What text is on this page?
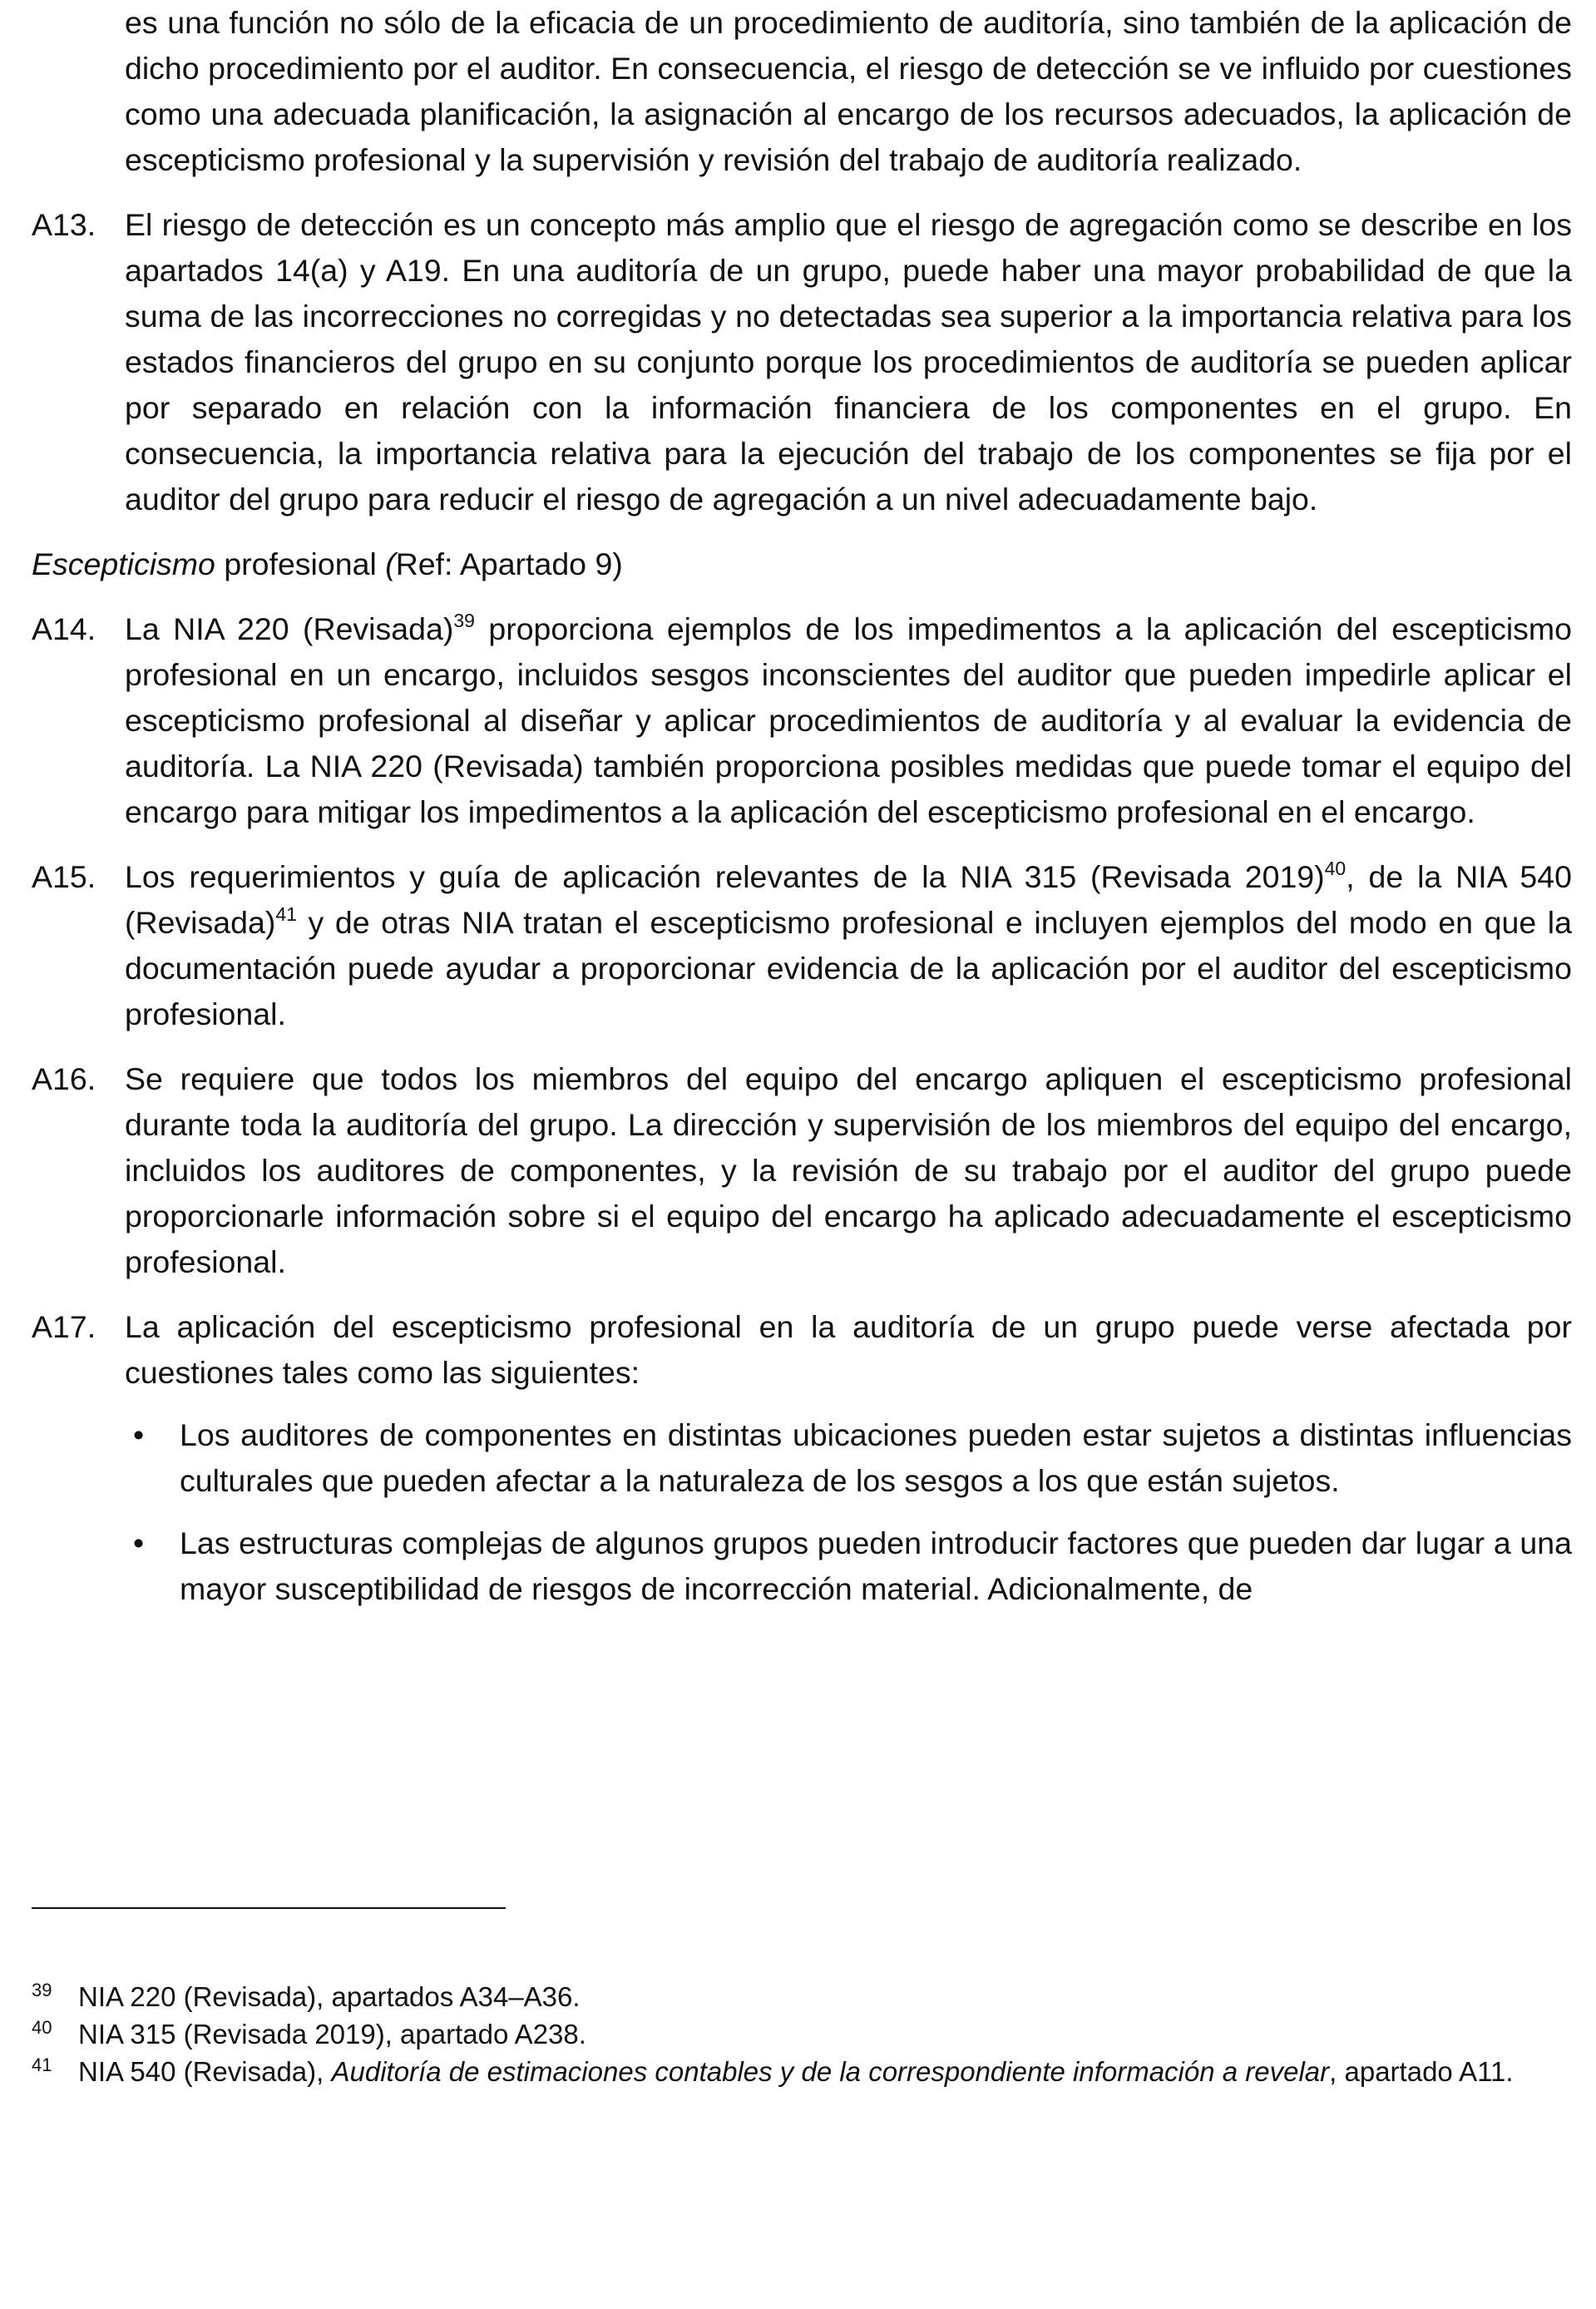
es una función no sólo de la eficacia de un procedimiento de auditoría, sino también de la aplicación de dicho procedimiento por el auditor. En consecuencia, el riesgo de detección se ve influido por cuestiones como una adecuada planificación, la asignación al encargo de los recursos adecuados, la aplicación de escepticismo profesional y la supervisión y revisión del trabajo de auditoría realizado.
A13. El riesgo de detección es un concepto más amplio que el riesgo de agregación como se describe en los apartados 14(a) y A19. En una auditoría de un grupo, puede haber una mayor probabilidad de que la suma de las incorrecciones no corregidas y no detectadas sea superior a la importancia relativa para los estados financieros del grupo en su conjunto porque los procedimientos de auditoría se pueden aplicar por separado en relación con la información financiera de los componentes en el grupo. En consecuencia, la importancia relativa para la ejecución del trabajo de los componentes se fija por el auditor del grupo para reducir el riesgo de agregación a un nivel adecuadamente bajo.
Escepticismo profesional (Ref: Apartado 9)
A14. La NIA 220 (Revisada)$^{39}$ proporciona ejemplos de los impedimentos a la aplicación del escepticismo profesional en un encargo, incluidos sesgos inconscientes del auditor que pueden impedirle aplicar el escepticismo profesional al diseñar y aplicar procedimientos de auditoría y al evaluar la evidencia de auditoría. La NIA 220 (Revisada) también proporciona posibles medidas que puede tomar el equipo del encargo para mitigar los impedimentos a la aplicación del escepticismo profesional en el encargo.
A15. Los requerimientos y guía de aplicación relevantes de la NIA 315 (Revisada 2019)$^{40}$, de la NIA 540 (Revisada)$^{41}$ y de otras NIA tratan el escepticismo profesional e incluyen ejemplos del modo en que la documentación puede ayudar a proporcionar evidencia de la aplicación por el auditor del escepticismo profesional.
A16. Se requiere que todos los miembros del equipo del encargo apliquen el escepticismo profesional durante toda la auditoría del grupo. La dirección y supervisión de los miembros del equipo del encargo, incluidos los auditores de componentes, y la revisión de su trabajo por el auditor del grupo puede proporcionarle información sobre si el equipo del encargo ha aplicado adecuadamente el escepticismo profesional.
A17. La aplicación del escepticismo profesional en la auditoría de un grupo puede verse afectada por cuestiones tales como las siguientes:
•	Los auditores de componentes en distintas ubicaciones pueden estar sujetos a distintas influencias culturales que pueden afectar a la naturaleza de los sesgos a los que están sujetos.
•	Las estructuras complejas de algunos grupos pueden introducir factores que pueden dar lugar a una mayor susceptibilidad de riesgos de incorrección material. Adicionalmente, de
39 NIA 220 (Revisada), apartados A34–A36.
40 NIA 315 (Revisada 2019), apartado A238.
41 NIA 540 (Revisada), Auditoría de estimaciones contables y de la correspondiente información a revelar, apartado A11.
